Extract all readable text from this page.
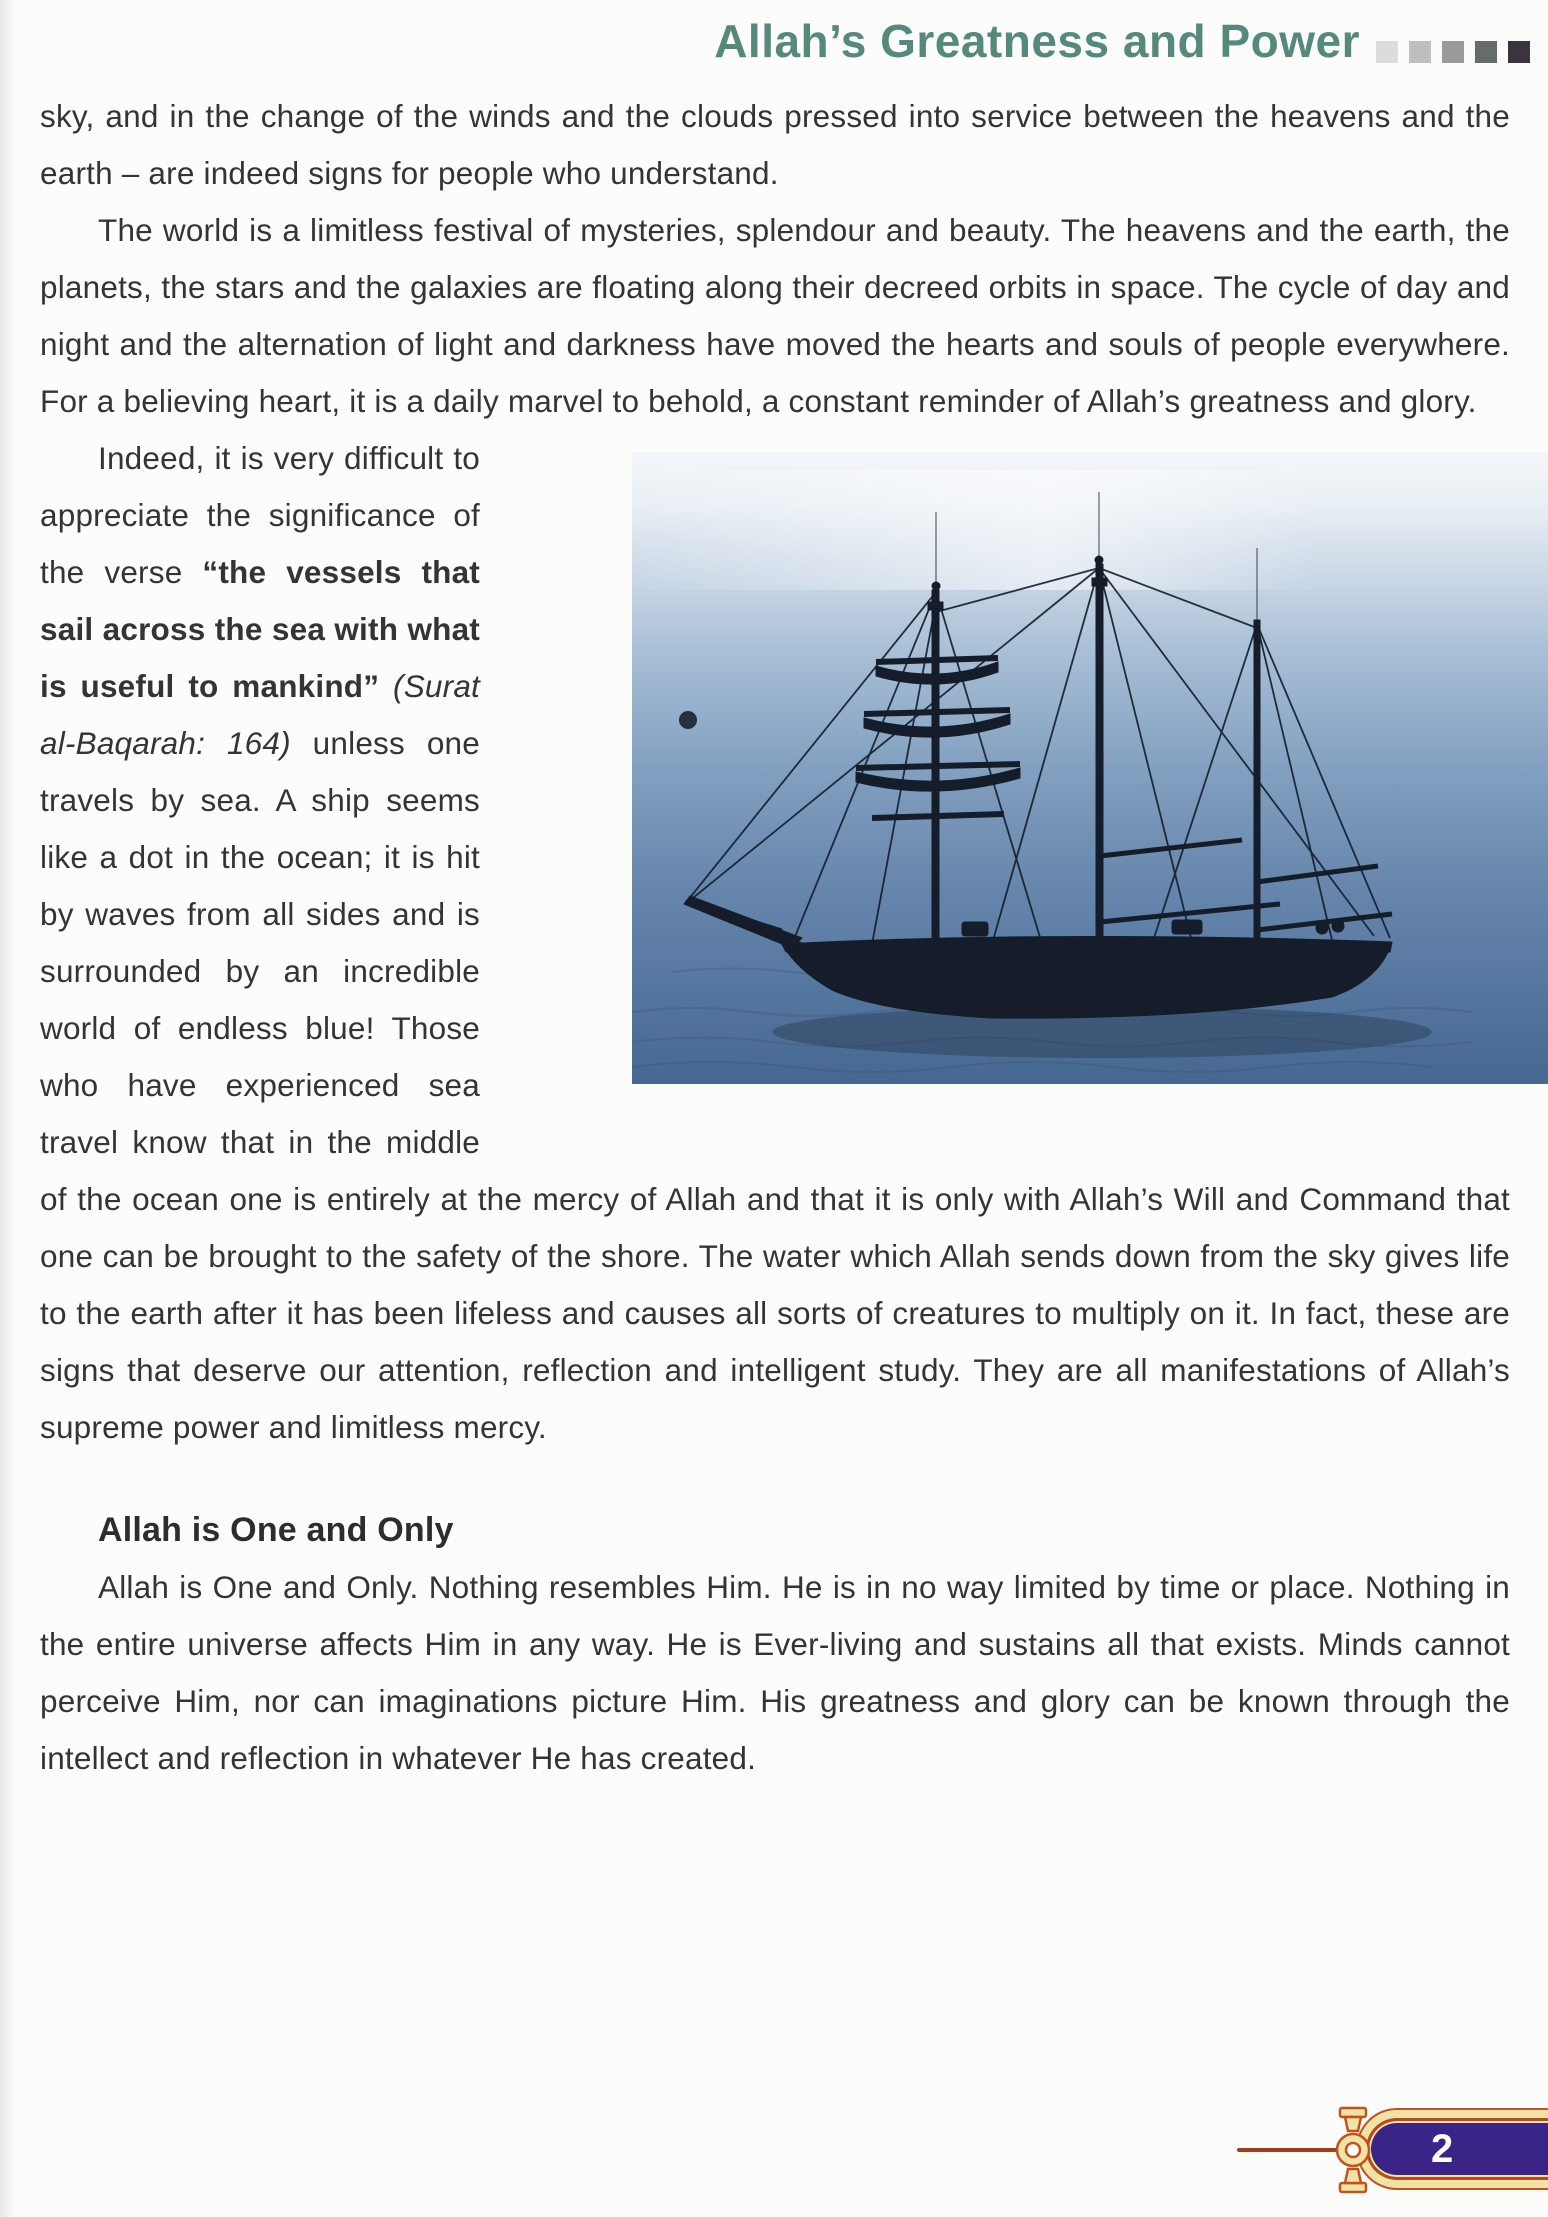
Allah’s Greatness and Power

sky, and in the change of the winds and the clouds pressed into service between the heavens and the earth – are indeed signs for people who understand.

The world is a limitless festival of mysteries, splendour and beauty. The heavens and the earth, the planets, the stars and the galaxies are floating along their decreed orbits in space. The cycle of day and night and the alternation of light and darkness have moved the hearts and souls of people everywhere. For a believing heart, it is a daily marvel to behold, a constant reminder of Allah’s greatness and glory.

Indeed, it is very difficult to appreciate the significance of the verse “the vessels that sail across the sea with what is useful to mankind” (Surat al-Baqarah: 164) unless one travels by sea. A ship seems like a dot in the ocean; it is hit by waves from all sides and is surrounded by an incredible world of endless blue! Those who have experienced sea travel know that in the middle of the ocean one is entirely at the mercy of Allah and that it is only with Allah’s Will and Command that one can be brought to the safety of the shore. The water which Allah sends down from the sky gives life to the earth after it has been lifeless and causes all sorts of creatures to multiply on it. In fact, these are signs that deserve our attention, reflection and intelligent study. They are all manifestations of Allah’s supreme power and limitless mercy.

Allah is One and Only

Allah is One and Only. Nothing resembles Him. He is in no way limited by time or place. Nothing in the entire universe affects Him in any way. He is Ever-living and sustains all that exists. Minds cannot perceive Him, nor can imaginations picture Him. His greatness and glory can be known through the intellect and reflection in whatever He has created.

2
